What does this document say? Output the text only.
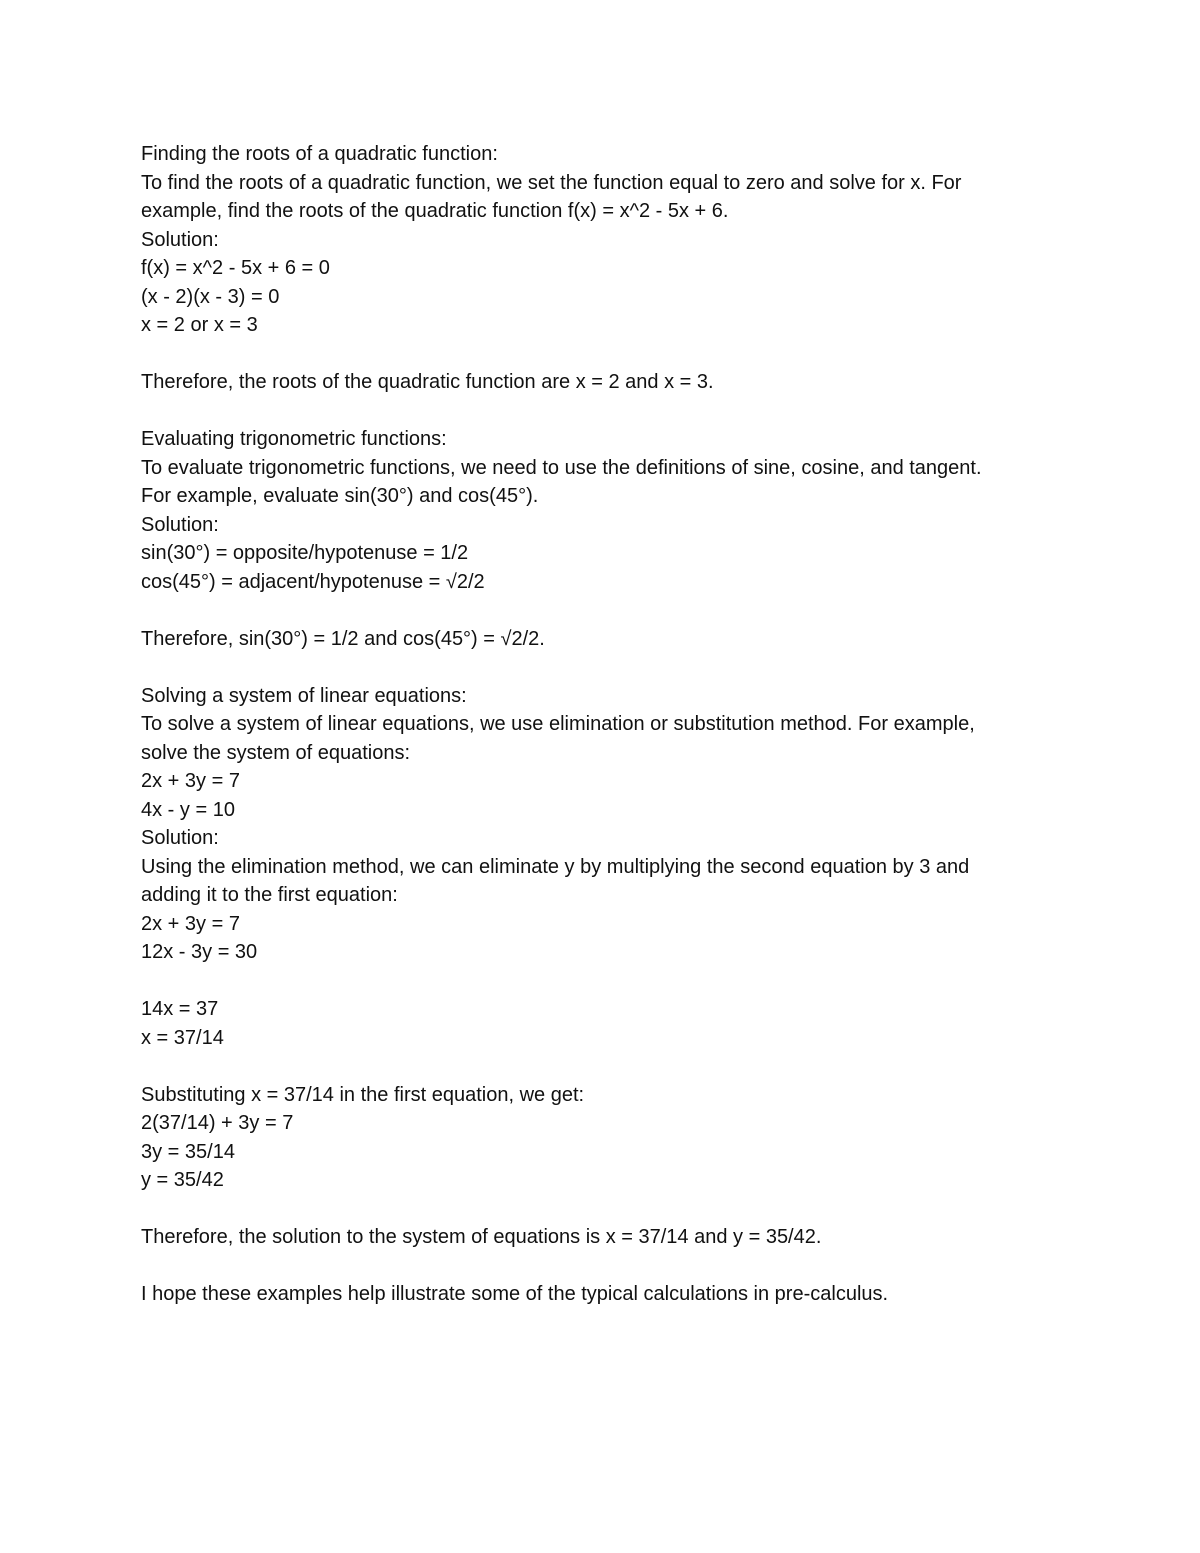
Finding the roots of a quadratic function:
To find the roots of a quadratic function, we set the function equal to zero and solve for x. For
example, find the roots of the quadratic function f(x) = x^2 - 5x + 6.
Solution:
f(x) = x^2 - 5x + 6 = 0
(x - 2)(x - 3) = 0
x = 2 or x = 3
Therefore, the roots of the quadratic function are x = 2 and x = 3.
Evaluating trigonometric functions:
To evaluate trigonometric functions, we need to use the definitions of sine, cosine, and tangent.
For example, evaluate sin(30°) and cos(45°).
Solution:
sin(30°) = opposite/hypotenuse = 1/2
cos(45°) = adjacent/hypotenuse = √2/2
Therefore, sin(30°) = 1/2 and cos(45°) = √2/2.
Solving a system of linear equations:
To solve a system of linear equations, we use elimination or substitution method. For example,
solve the system of equations:
2x + 3y = 7
4x - y = 10
Solution:
Using the elimination method, we can eliminate y by multiplying the second equation by 3 and
adding it to the first equation:
2x + 3y = 7
12x - 3y = 30
14x = 37
x = 37/14
Substituting x = 37/14 in the first equation, we get:
2(37/14) + 3y = 7
3y = 35/14
y = 35/42
Therefore, the solution to the system of equations is x = 37/14 and y = 35/42.
I hope these examples help illustrate some of the typical calculations in pre-calculus.
